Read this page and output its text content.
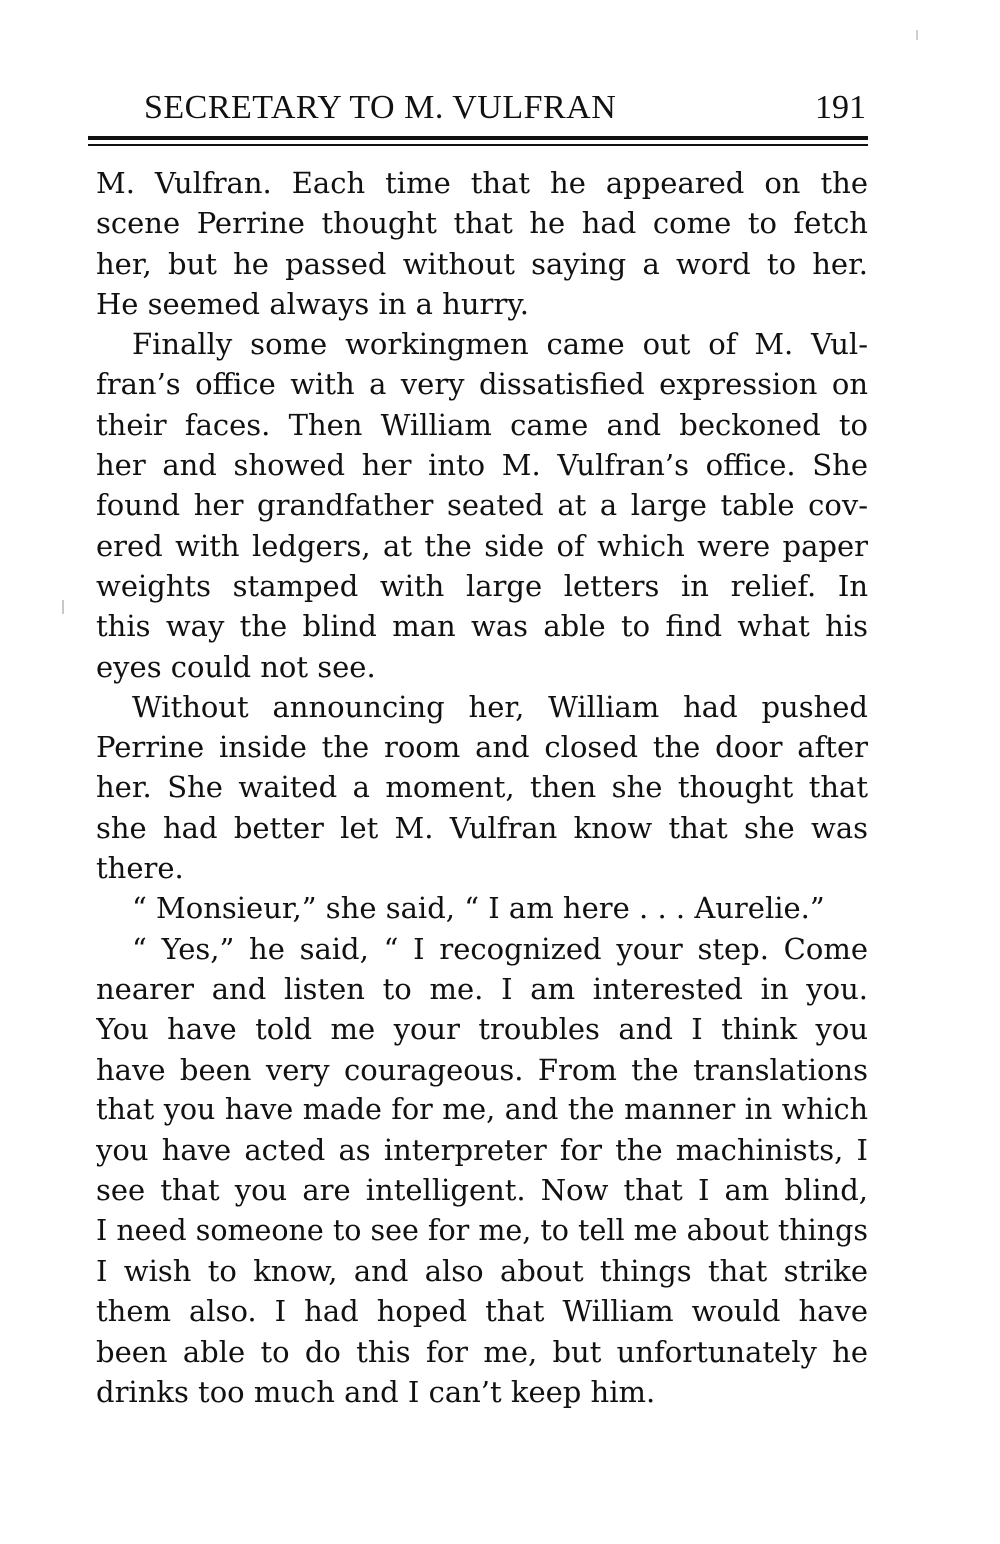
SECRETARY TO M. VULFRAN	191
M. Vulfran. Each time that he appeared on the
scene Perrine thought that he had come to fetch
her, but he passed without saying a word to her.
He seemed always in a hurry.
Finally some workingmen came out of M. Vul-
fran’s office with a very dissatisfied expression on
their faces. Then William came and beckoned to
her and showed her into M. Vulfran’s office. She
found her grandfather seated at a large table cov-
ered with ledgers, at the side of which were paper
weights stamped with large letters in relief. In
this way the blind man was able to find what his
eyes could not see.
Without announcing her, William had pushed
Perrine inside the room and closed the door after
her. She waited a moment, then she thought that
she had better let M. Vulfran know that she was
there.
“ Monsieur,” she said, “ I am here . . . Aurelie.”
“ Yes,” he said, “ I recognized your step. Come
nearer and listen to me. I am interested in you.
You have told me your troubles and I think you
have been very courageous. From the translations
that you have made for me, and the manner in which
you have acted as interpreter for the machinists, I
see that you are intelligent. Now that I am blind,
I need someone to see for me, to tell me about things
I wish to know, and also about things that strike
them also. I had hoped that William would have
been able to do this for me, but unfortunately he
drinks too much and I can’t keep him.
